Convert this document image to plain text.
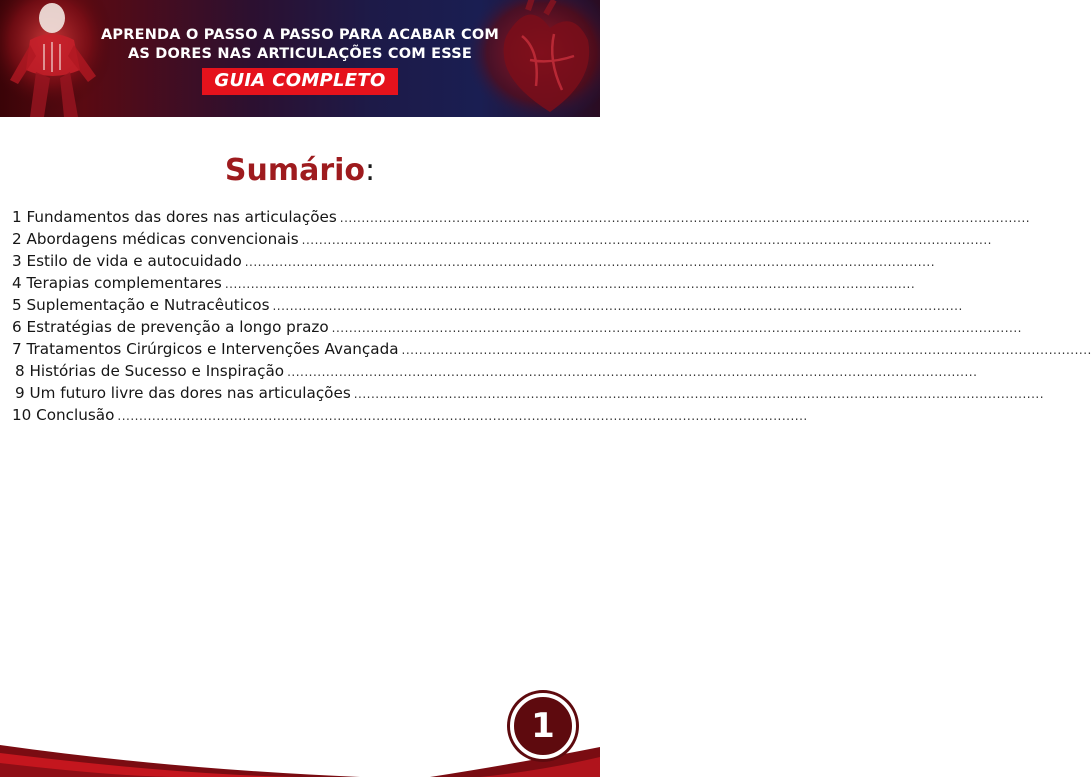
APRENDA O PASSO A PASSO PARA ACABAR COM
AS DORES NAS ARTICULAÇÕES COM ESSE
GUIA COMPLETO
Sumário:
1 Fundamentos das dores nas articulações ................................................................................................................................................................
2 Abordagens médicas convencionais ................................................................................................................................................................
3 Estilo de vida e autocuidado ................................................................................................................................................................
4 Terapias complementares ................................................................................................................................................................
5 Suplementação e Nutracêuticos ................................................................................................................................................................
6 Estratégias de prevenção a longo prazo ................................................................................................................................................................
7 Tratamentos Cirúrgicos e Intervenções Avançada ................................................................................................................................................................
8 Histórias de Sucesso e Inspiração ................................................................................................................................................................
9 Um futuro livre das dores nas articulações ................................................................................................................................................................
10 Conclusão ................................................................................................................................................................
1
